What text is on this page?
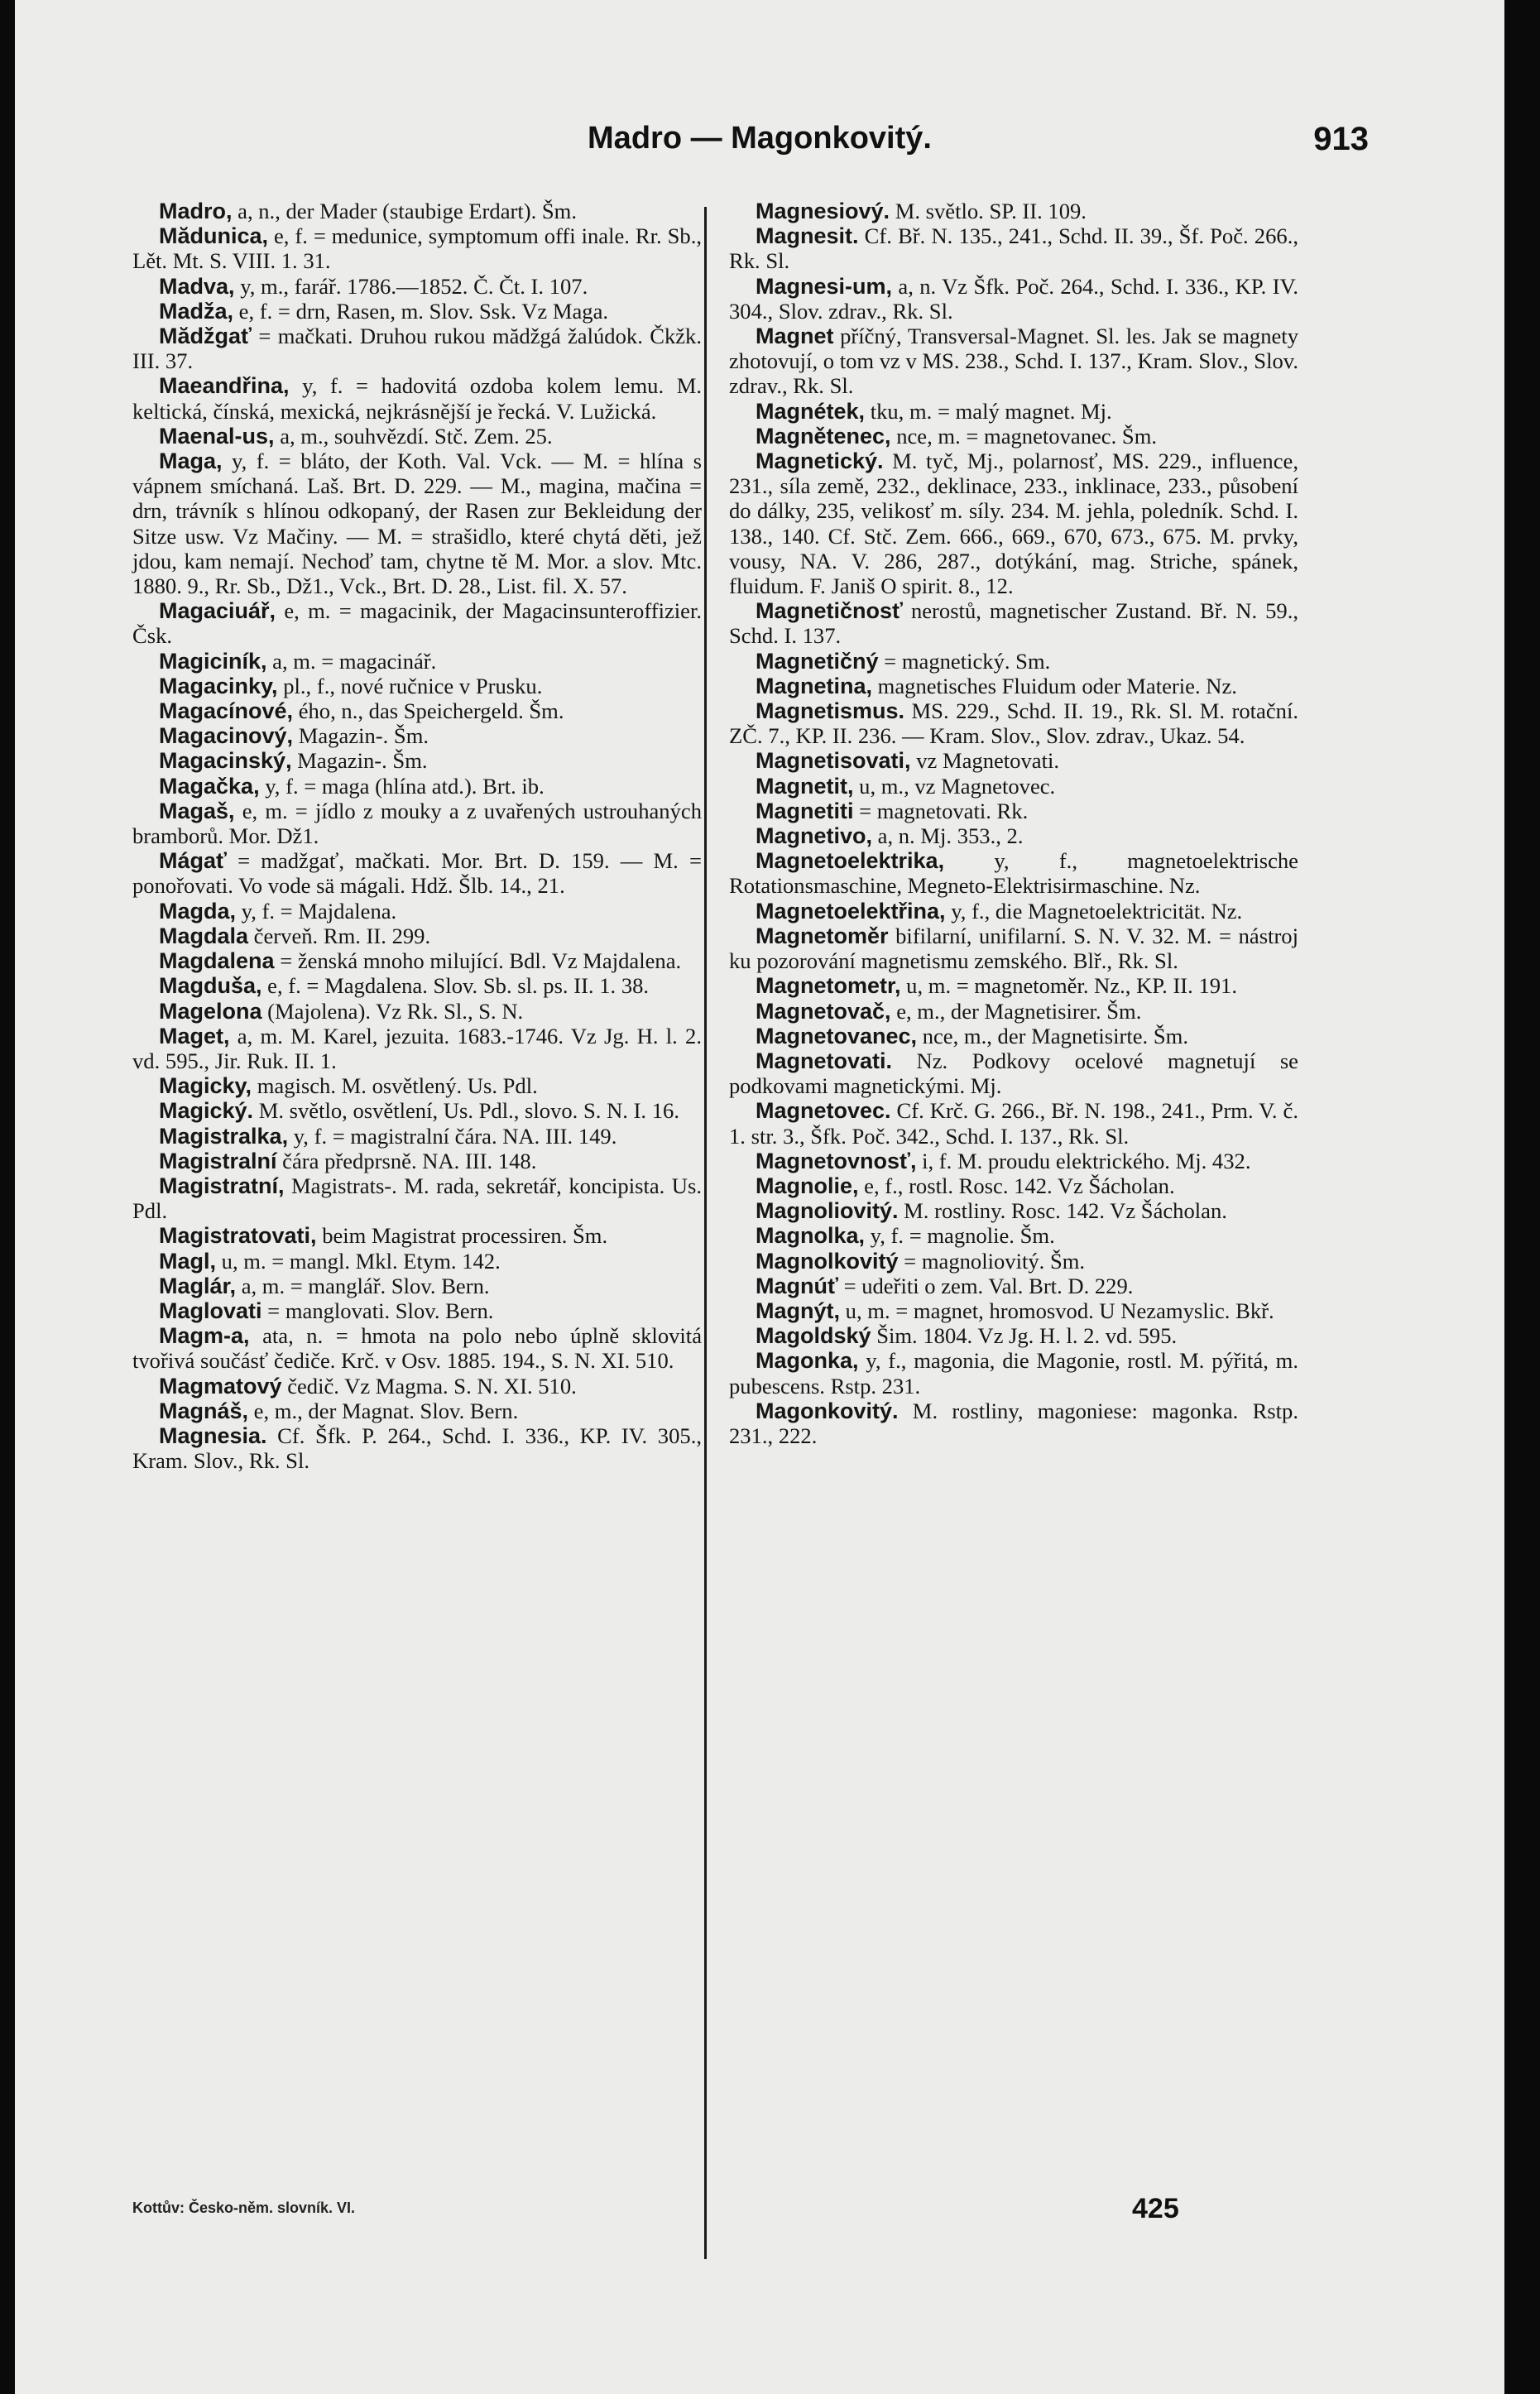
Madro — Magonkovitý.	913

Madro, a, n., der Mader (staubige Erdart). Šm.

Mădunica, e, f. = medunice, symptomum offi inale. Rr. Sb., Lět. Mt. S. VIII. 1. 31.

Madva, y, m., farář. 1786.—1852. Č. Čt. I. 107.

Madža, e, f. = drn, Rasen, m. Slov. Ssk. Vz Maga.

Mădžgať = mačkati. Druhou rukou mădžgá žalúdok. Čkžk. III. 37.

Maeandřina, y, f. = hadovitá ozdoba kolem lemu. M. keltická, čínská, mexická, nejkrásnější je řecká. V. Lužická.

Maenal-us, a, m., souhvězdí. Stč. Zem. 25.

Maga, y, f. = bláto, der Koth. Val. Vck. — M. = hlína s vápnem smíchaná. Laš. Brt. D. 229. — M., magina, mačina = drn, trávník s hlínou odkopaný, der Rasen zur Bekleidung der Sitze usw. Vz Mačiny. — M. = strašidlo, které chytá děti, jež jdou, kam nemají. Nechoď tam, chytne tě M. Mor. a slov. Mtc. 1880. 9., Rr. Sb., Dž1., Vck., Brt. D. 28., List. fil. X. 57.

Magaciuář, e, m. = magacinik, der Magacinsunteroffizier. Čsk.

Magiciník, a, m. = magacinář.

Magacinky, pl., f., nové ručnice v Prusku.

Magacínové, ého, n., das Speichergeld. Šm.

Magacinový, Magazin-. Šm.

Magacinský, Magazin-. Šm.

Magačka, y, f. = maga (hlína atd.). Brt. ib.

Magaš, e, m. = jídlo z mouky a z uvařených ustrouhaných bramborů. Mor. Dž1.

Mágať = madžgať, mačkati. Mor. Brt. D. 159. — M. = ponořovati. Vo vode sä mágali. Hdž. Šlb. 14., 21.

Magda, y, f. = Majdalena.

Magdala červeň. Rm. II. 299.

Magdalena = ženská mnoho milující. Bdl. Vz Majdalena.

Magduša, e, f. = Magdalena. Slov. Sb. sl. ps. II. 1. 38.

Magelona (Majolena). Vz Rk. Sl., S. N.

Maget, a, m. M. Karel, jezuita. 1683.-1746. Vz Jg. H. l. 2. vd. 595., Jir. Ruk. II. 1.

Magicky, magisch. M. osvětlený. Us. Pdl.

Magický. M. světlo, osvětlení, Us. Pdl., slovo. S. N. I. 16.

Magistralka, y, f. = magistralní čára. NA. III. 149.

Magistralní čára předprsně. NA. III. 148.

Magistratní, Magistrats-. M. rada, sekretář, koncipista. Us. Pdl.

Magistratovati, beim Magistrat processiren. Šm.

Magl, u, m. = mangl. Mkl. Etym. 142.

Maglár, a, m. = manglář. Slov. Bern.

Maglovati = manglovati. Slov. Bern.

Magm-a, ata, n. = hmota na polo nebo úplně sklovitá tvořivá součásť čediče. Krč. v Osv. 1885. 194., S. N. XI. 510.

Magmatový čedič. Vz Magma. S. N. XI. 510.

Magnáš, e, m., der Magnat. Slov. Bern.

Magnesia. Cf. Šfk. P. 264., Schd. I. 336., KP. IV. 305., Kram. Slov., Rk. Sl.

Magnesiový. M. světlo. SP. II. 109.

Magnesit. Cf. Bř. N. 135., 241., Schd. II. 39., Šf. Poč. 266., Rk. Sl.

Magnesi-um, a, n. Vz Šfk. Poč. 264., Schd. I. 336., KP. IV. 304., Slov. zdrav., Rk. Sl.

Magnet příčný, Transversal-Magnet. Sl. les. Jak se magnety zhotovují, o tom vz v MS. 238., Schd. I. 137., Kram. Slov., Slov. zdrav., Rk. Sl.

Magnétek, tku, m. = malý magnet. Mj.

Magnětenec, nce, m. = magnetovanec. Šm.

Magnetický. M. tyč, Mj., polarnosť, MS. 229., influence, 231., síla země, 232., deklinace, 233., inklinace, 233., působení do dálky, 235, velikosť m. síly. 234. M. jehla, poledník. Schd. I. 138., 140. Cf. Stč. Zem. 666., 669., 670, 673., 675. M. prvky, vousy, NA. V. 286, 287., dotýkání, mag. Striche, spánek, fluidum. F. Janiš O spirit. 8., 12.

Magnetičnosť nerostů, magnetischer Zustand. Bř. N. 59., Schd. I. 137.

Magnetičný = magnetický. Sm.

Magnetina, magnetisches Fluidum oder Materie. Nz.

Magnetismus. MS. 229., Schd. II. 19., Rk. Sl. M. rotační. ZČ. 7., KP. II. 236. — Kram. Slov., Slov. zdrav., Ukaz. 54.

Magnetisovati, vz Magnetovati.

Magnetit, u, m., vz Magnetovec.

Magnetiti = magnetovati. Rk.

Magnetivo, a, n. Mj. 353., 2.

Magnetoelektrika, y, f., magnetoelektrische Rotationsmaschine, Megneto-Elektrisirmaschine. Nz.

Magnetoelektřina, y, f., die Magnetoelektricität. Nz.

Magnetoměr bifilarní, unifilarní. S. N. V. 32. M. = nástroj ku pozorování magnetismu zemského. Blř., Rk. Sl.

Magnetometr, u, m. = magnetoměr. Nz., KP. II. 191.

Magnetovač, e, m., der Magnetisirer. Šm.

Magnetovanec, nce, m., der Magnetisirte. Šm.

Magnetovati. Nz. Podkovy ocelové magnetují se podkovami magnetickými. Mj.

Magnetovec. Cf. Krč. G. 266., Bř. N. 198., 241., Prm. V. č. 1. str. 3., Šfk. Poč. 342., Schd. I. 137., Rk. Sl.

Magnetovnosť, i, f. M. proudu elektrického. Mj. 432.

Magnolie, e, f., rostl. Rosc. 142. Vz Šácholan.

Magnoliovitý. M. rostliny. Rosc. 142. Vz Šácholan.

Magnolka, y, f. = magnolie. Šm.

Magnolkovitý = magnoliovitý. Šm.

Magnúť = udeřiti o zem. Val. Brt. D. 229.

Magnýt, u, m. = magnet, hromosvod. U Nezamyslic. Bkř.

Magoldský Šim. 1804. Vz Jg. H. l. 2. vd. 595.

Magonka, y, f., magonia, die Magonie, rostl. M. pýřitá, m. pubescens. Rstp. 231.

Magonkovitý. M. rostliny, magoniese: magonka. Rstp. 231., 222.

Kottův: Česko-něm. slovník. VI.	425
